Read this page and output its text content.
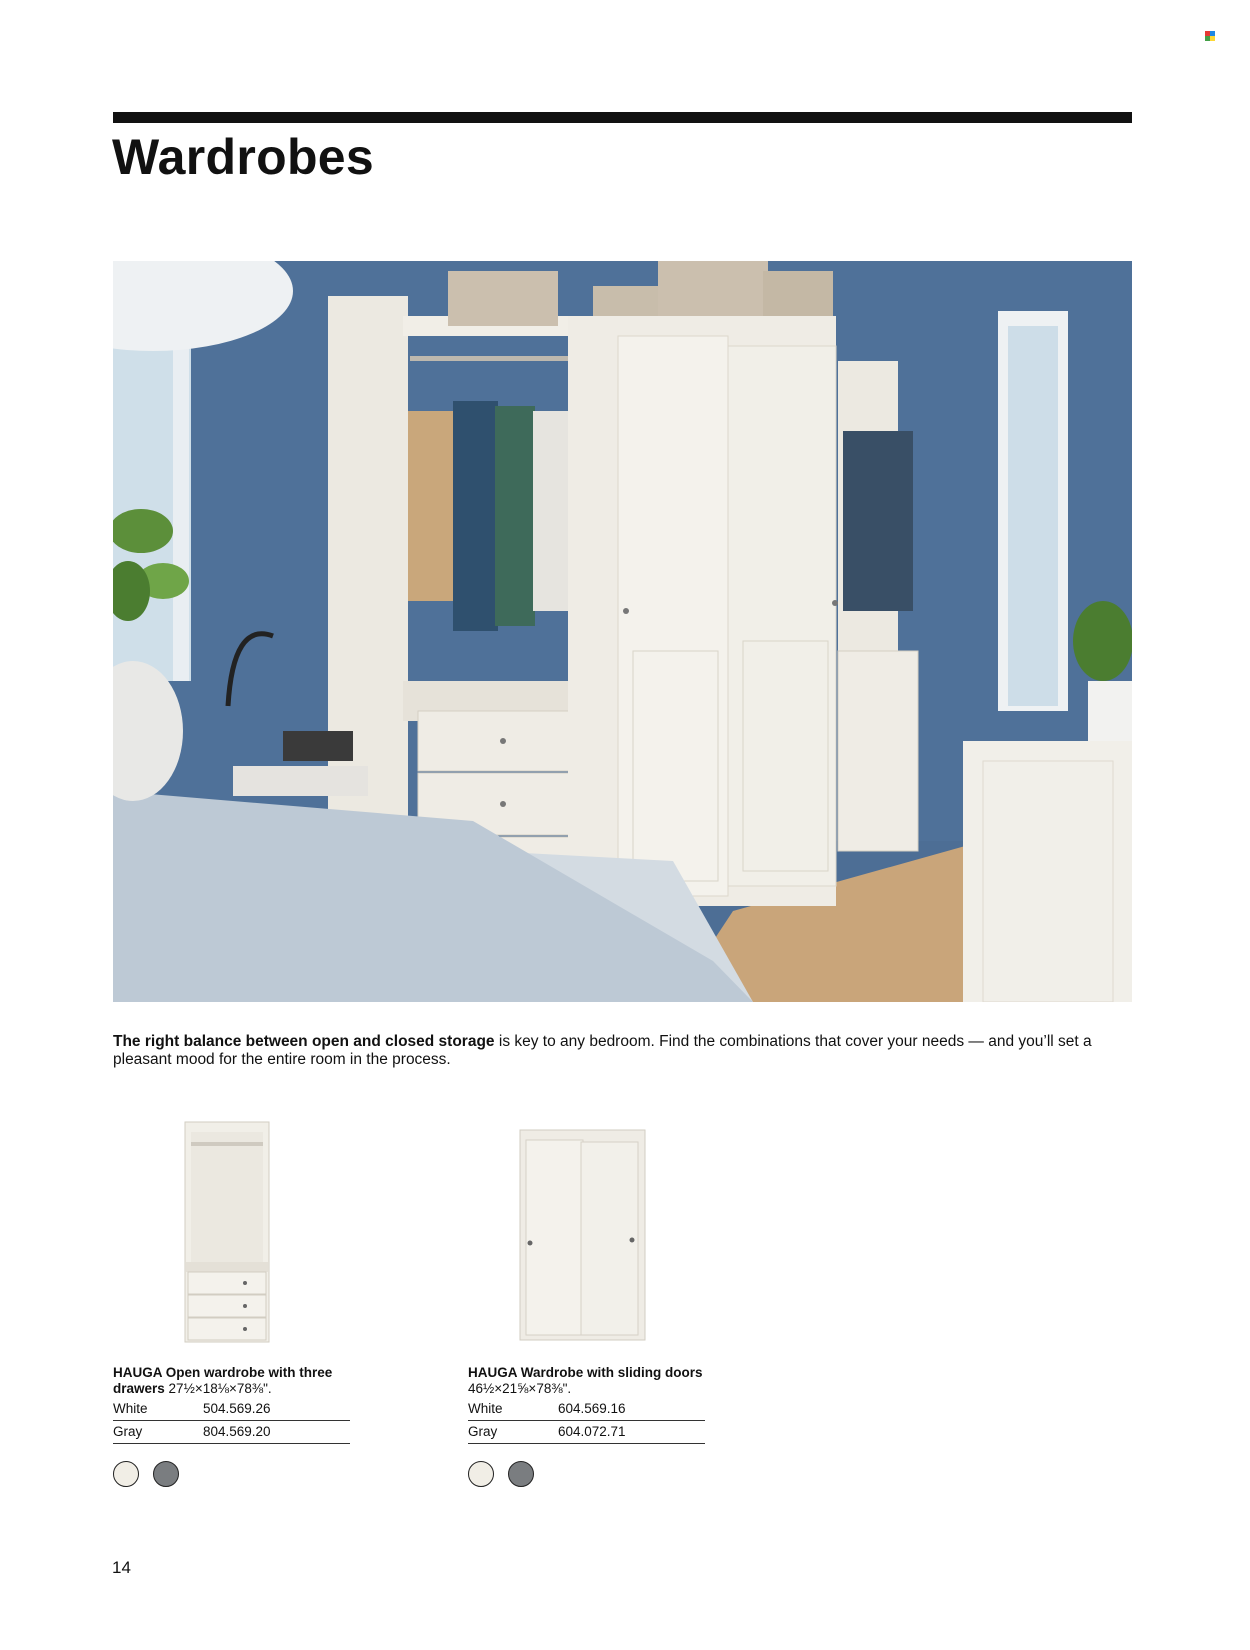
Wardrobes
The right balance between open and closed storage is key to any bedroom. Find the combinations that cover your needs — and you’ll set a pleasant mood for the entire room in the process.
HAUGA Open wardrobe with three drawers 27½×18⅛×78⅜".
White	504.569.26
Gray	804.569.20
HAUGA Wardrobe with sliding doors 46½×21⅝×78⅜".
White	604.569.16
Gray	604.072.71
14
